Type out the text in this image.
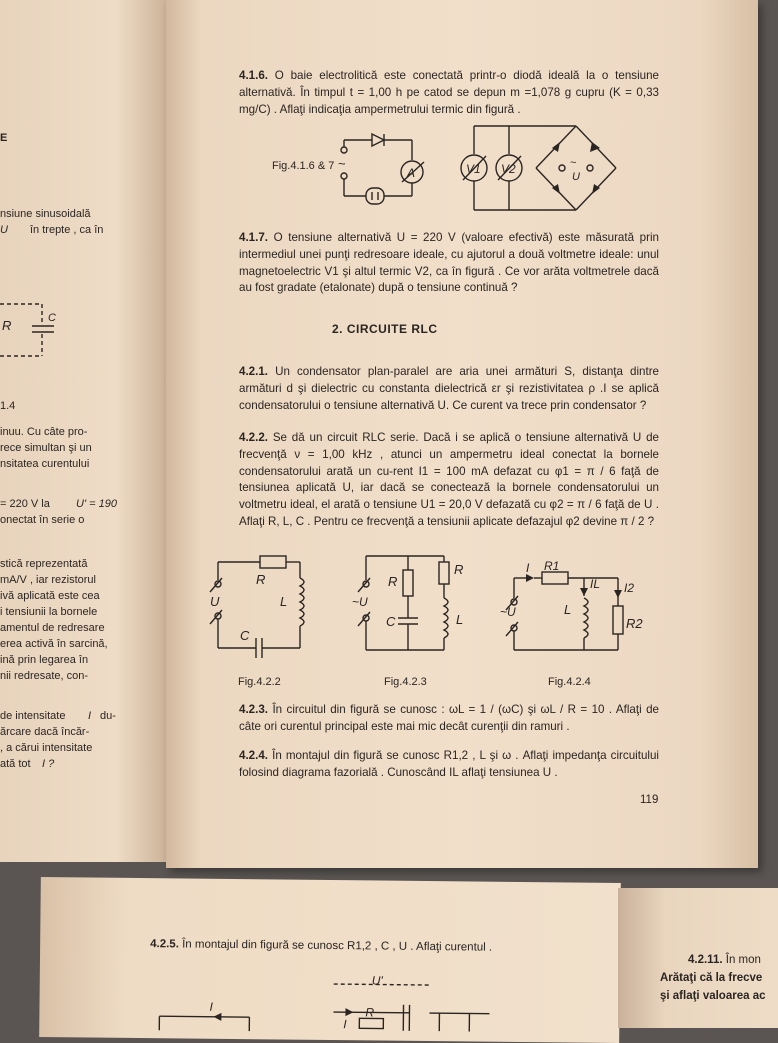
E
nsiune sinusoidală
U în trepte , ca în
R	C
1.4
inuu. Cu câte pro-
rece simultan şi un
nsitatea curentului
= 220 V la U' = 190
onectat în serie o
stică reprezentată
mA/V , iar rezistorul
ivă aplicată este cea
i tensiunii la bornele
amentul de redresare
erea activă în sarcină,
ină prin legarea în
nii redresate, con-
de intensitate I du-
ărcare dacă încăr-
, a cărui intensitate
ată tot I ?
4.1.6. O baie electrolitică este conectată printr-o diodă ideală la o tensiune alternativă. În timpul t = 1,00 h pe catod se depun m =1,078 g cupru (K = 0,33 mg/C) . Aflaţi indicaţia ampermetrului termic din figură .
Fig.4.1.6 & 7 ~
A	V1 V2	~
U
4.1.7. O tensiune alternativă U = 220 V (valoare efectivă) este măsurată prin intermediul unei punţi redresoare ideale, cu ajutorul a două voltmetre ideale: unul magnetoelectric V1 şi altul termic V2, ca în figură . Ce vor arăta voltmetrele dacă au fost gradate (etalonate) după o tensiune continuă ?
2. CIRCUITE RLC
4.2.1. Un condensator plan-paralel are aria unei armături S, distanţa dintre armături d şi dielectric cu constanta dielectrică εr şi rezistivitatea ρ .I se aplică condensatorului o tensiune alternativă U. Ce curent va trece prin condensator ?
4.2.2. Se dă un circuit RLC serie. Dacă i se aplică o tensiune alternativă U de frecvenţă ν = 1,00 kHz , atunci un ampermetru ideal conectat la bornele condensatorului arată un cu-rent I1 = 100 mA defazat cu φ1 = π / 6 faţă de tensiunea aplicată U, iar dacă se conectează la bornele condensatorului un voltmetru ideal, el arată o tensiune U1 = 20,0 V defazată cu φ2 = π / 6 faţă de U . Aflaţi R, L, C . Pentru ce frecvenţă a tensiunii aplicate defazajul φ2 devine π / 2 ?
R
U
C
L
Fig.4.2.2
~U
R
C
R
L
Fig.4.2.3
I R1
~U
IL
L
I2
R2
Fig.4.2.4
4.2.3. În circuitul din figură se cunosc : ωL = 1 / (ωC) şi ωL / R = 10 . Aflaţi de câte ori curentul principal este mai mic decât curenţii din ramuri .
4.2.4. În montajul din figură se cunosc R1,2 , L şi ω . Aflaţi impedanţa circuitului folosind diagrama fazorială . Cunoscând IL aflaţi tensiunea U .
119
4.2.5. În montajul din figură se cunosc R1,2 , C , U . Aflaţi curentul .
I
U'
I
R
4.2.11. În mon
Arătaţi că la frecve
şi aflaţi valoarea ac
